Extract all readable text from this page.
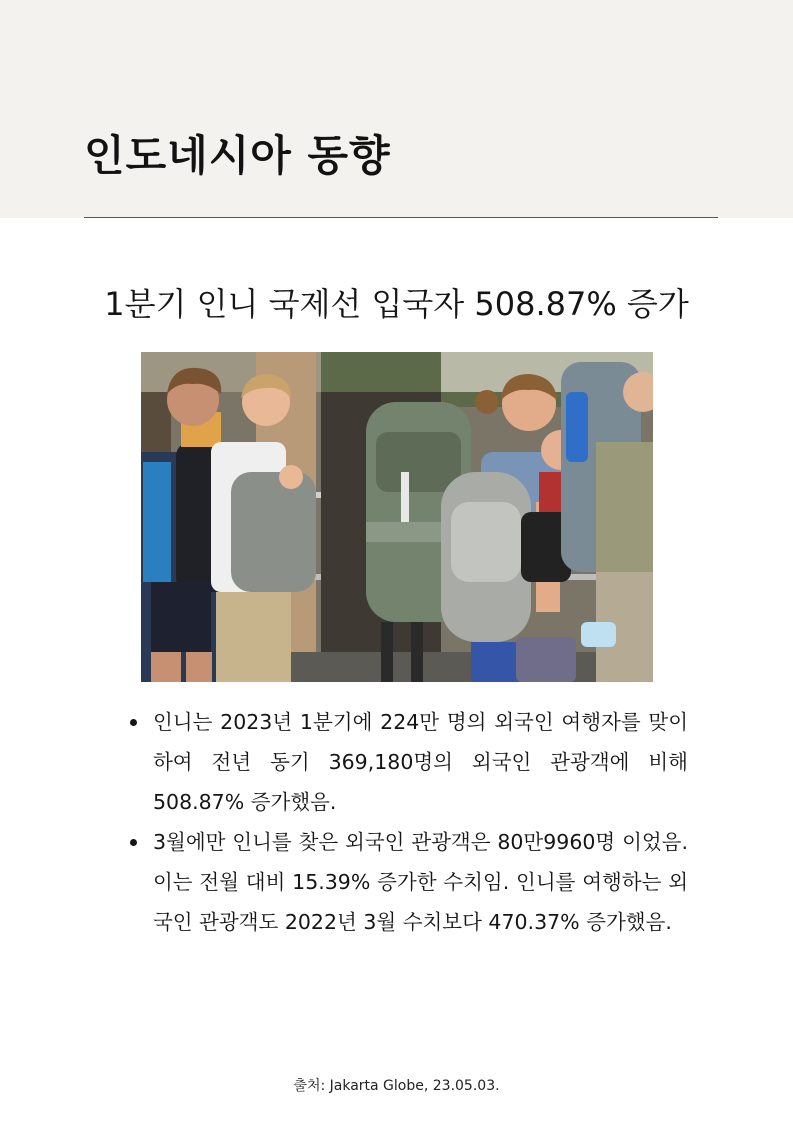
인도네시아 동향
1분기 인니 국제선 입국자 508.87% 증가
인니는 2023년 1분기에 224만 명의 외국인 여행자를 맞이하여 전년 동기 369,180명의 외국인 관광객에 비해 508.87% 증가했음.
3월에만 인니를 찾은 외국인 관광객은 80만9960명 이었음. 이는 전월 대비 15.39% 증가한 수치임. 인니를 여행하는 외국인 관광객도 2022년 3월 수치보다 470.37% 증가했음.

출처: Jakarta Globe, 23.05.03.
